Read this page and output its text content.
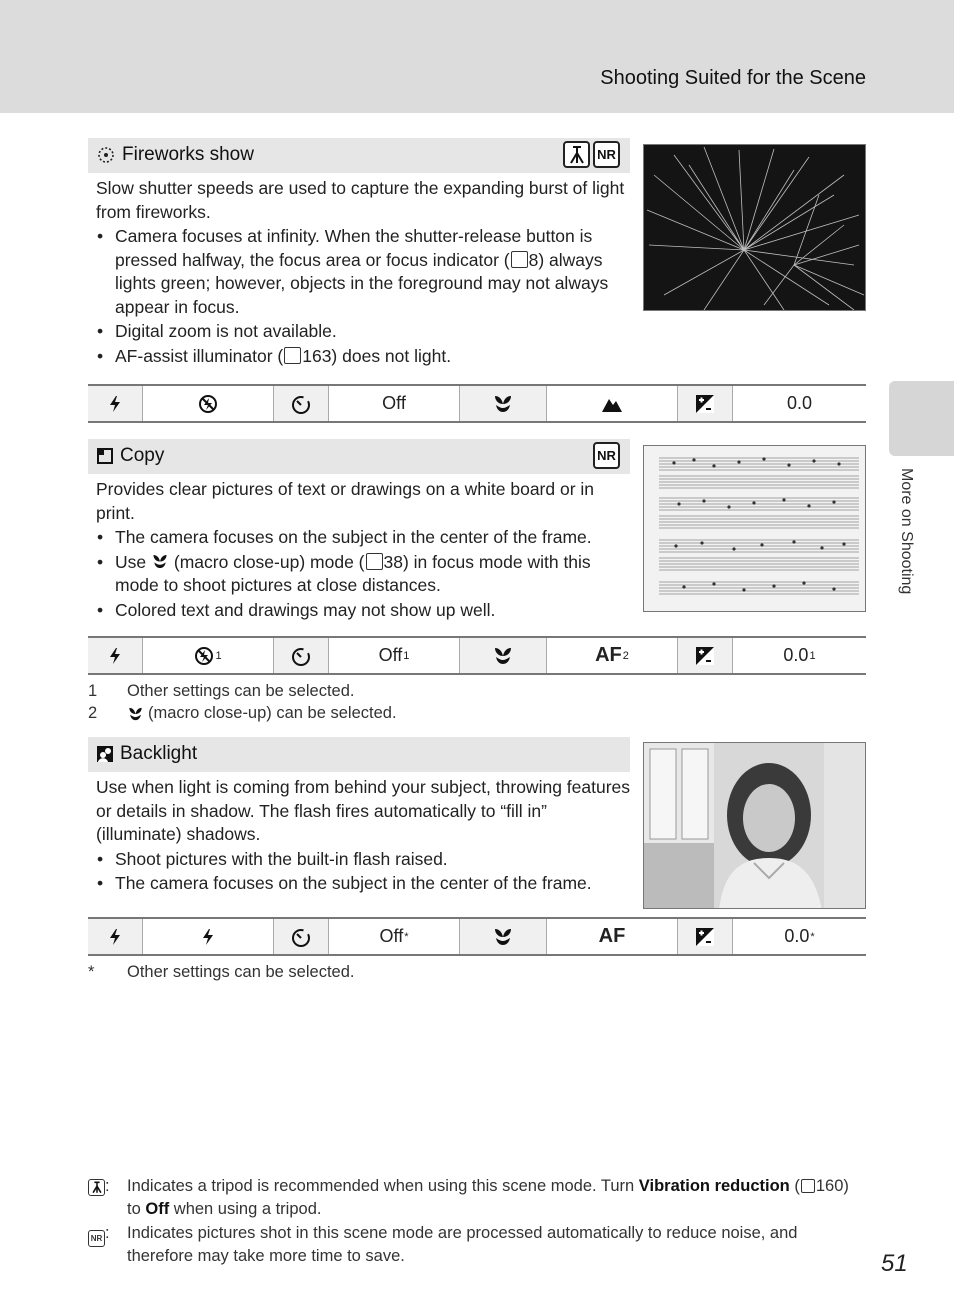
Shooting Suited for the Scene
More on Shooting
Fireworks show	NR

Slow shutter speeds are used to capture the expanding burst of light from fireworks.

• Camera focuses at infinity. When the shutter-release button is pressed halfway, the focus area or focus indicator ( 8) always lights green; however, objects in the foreground may not always appear in focus.
• Digital zoom is not available.
• AF-assist illuminator ( 163) does not light.
Off	0.0
Copy	NR

Provides clear pictures of text or drawings on a white board or in print.

• The camera focuses on the subject in the center of the frame.
• Use (macro close-up) mode ( 38) in focus mode with this mode to shoot pictures at close distances.
• Colored text and drawings may not show up well.
1	Off 1	AF 2	0.0 1
1	Other settings can be selected.
2	(macro close-up) can be selected.
Backlight

Use when light is coming from behind your subject, throwing features or details in shadow. The flash fires automatically to “fill in” (illuminate) shadows.

• Shoot pictures with the built-in flash raised.
• The camera focuses on the subject in the center of the frame.
Off *	AF	0.0 *
*	Other settings can be selected.
:	Indicates a tripod is recommended when using this scene mode. Turn Vibration reduction ( 160) to Off when using a tripod.
NR :	Indicates pictures shot in this scene mode are processed automatically to reduce noise, and therefore may take more time to save.	51
